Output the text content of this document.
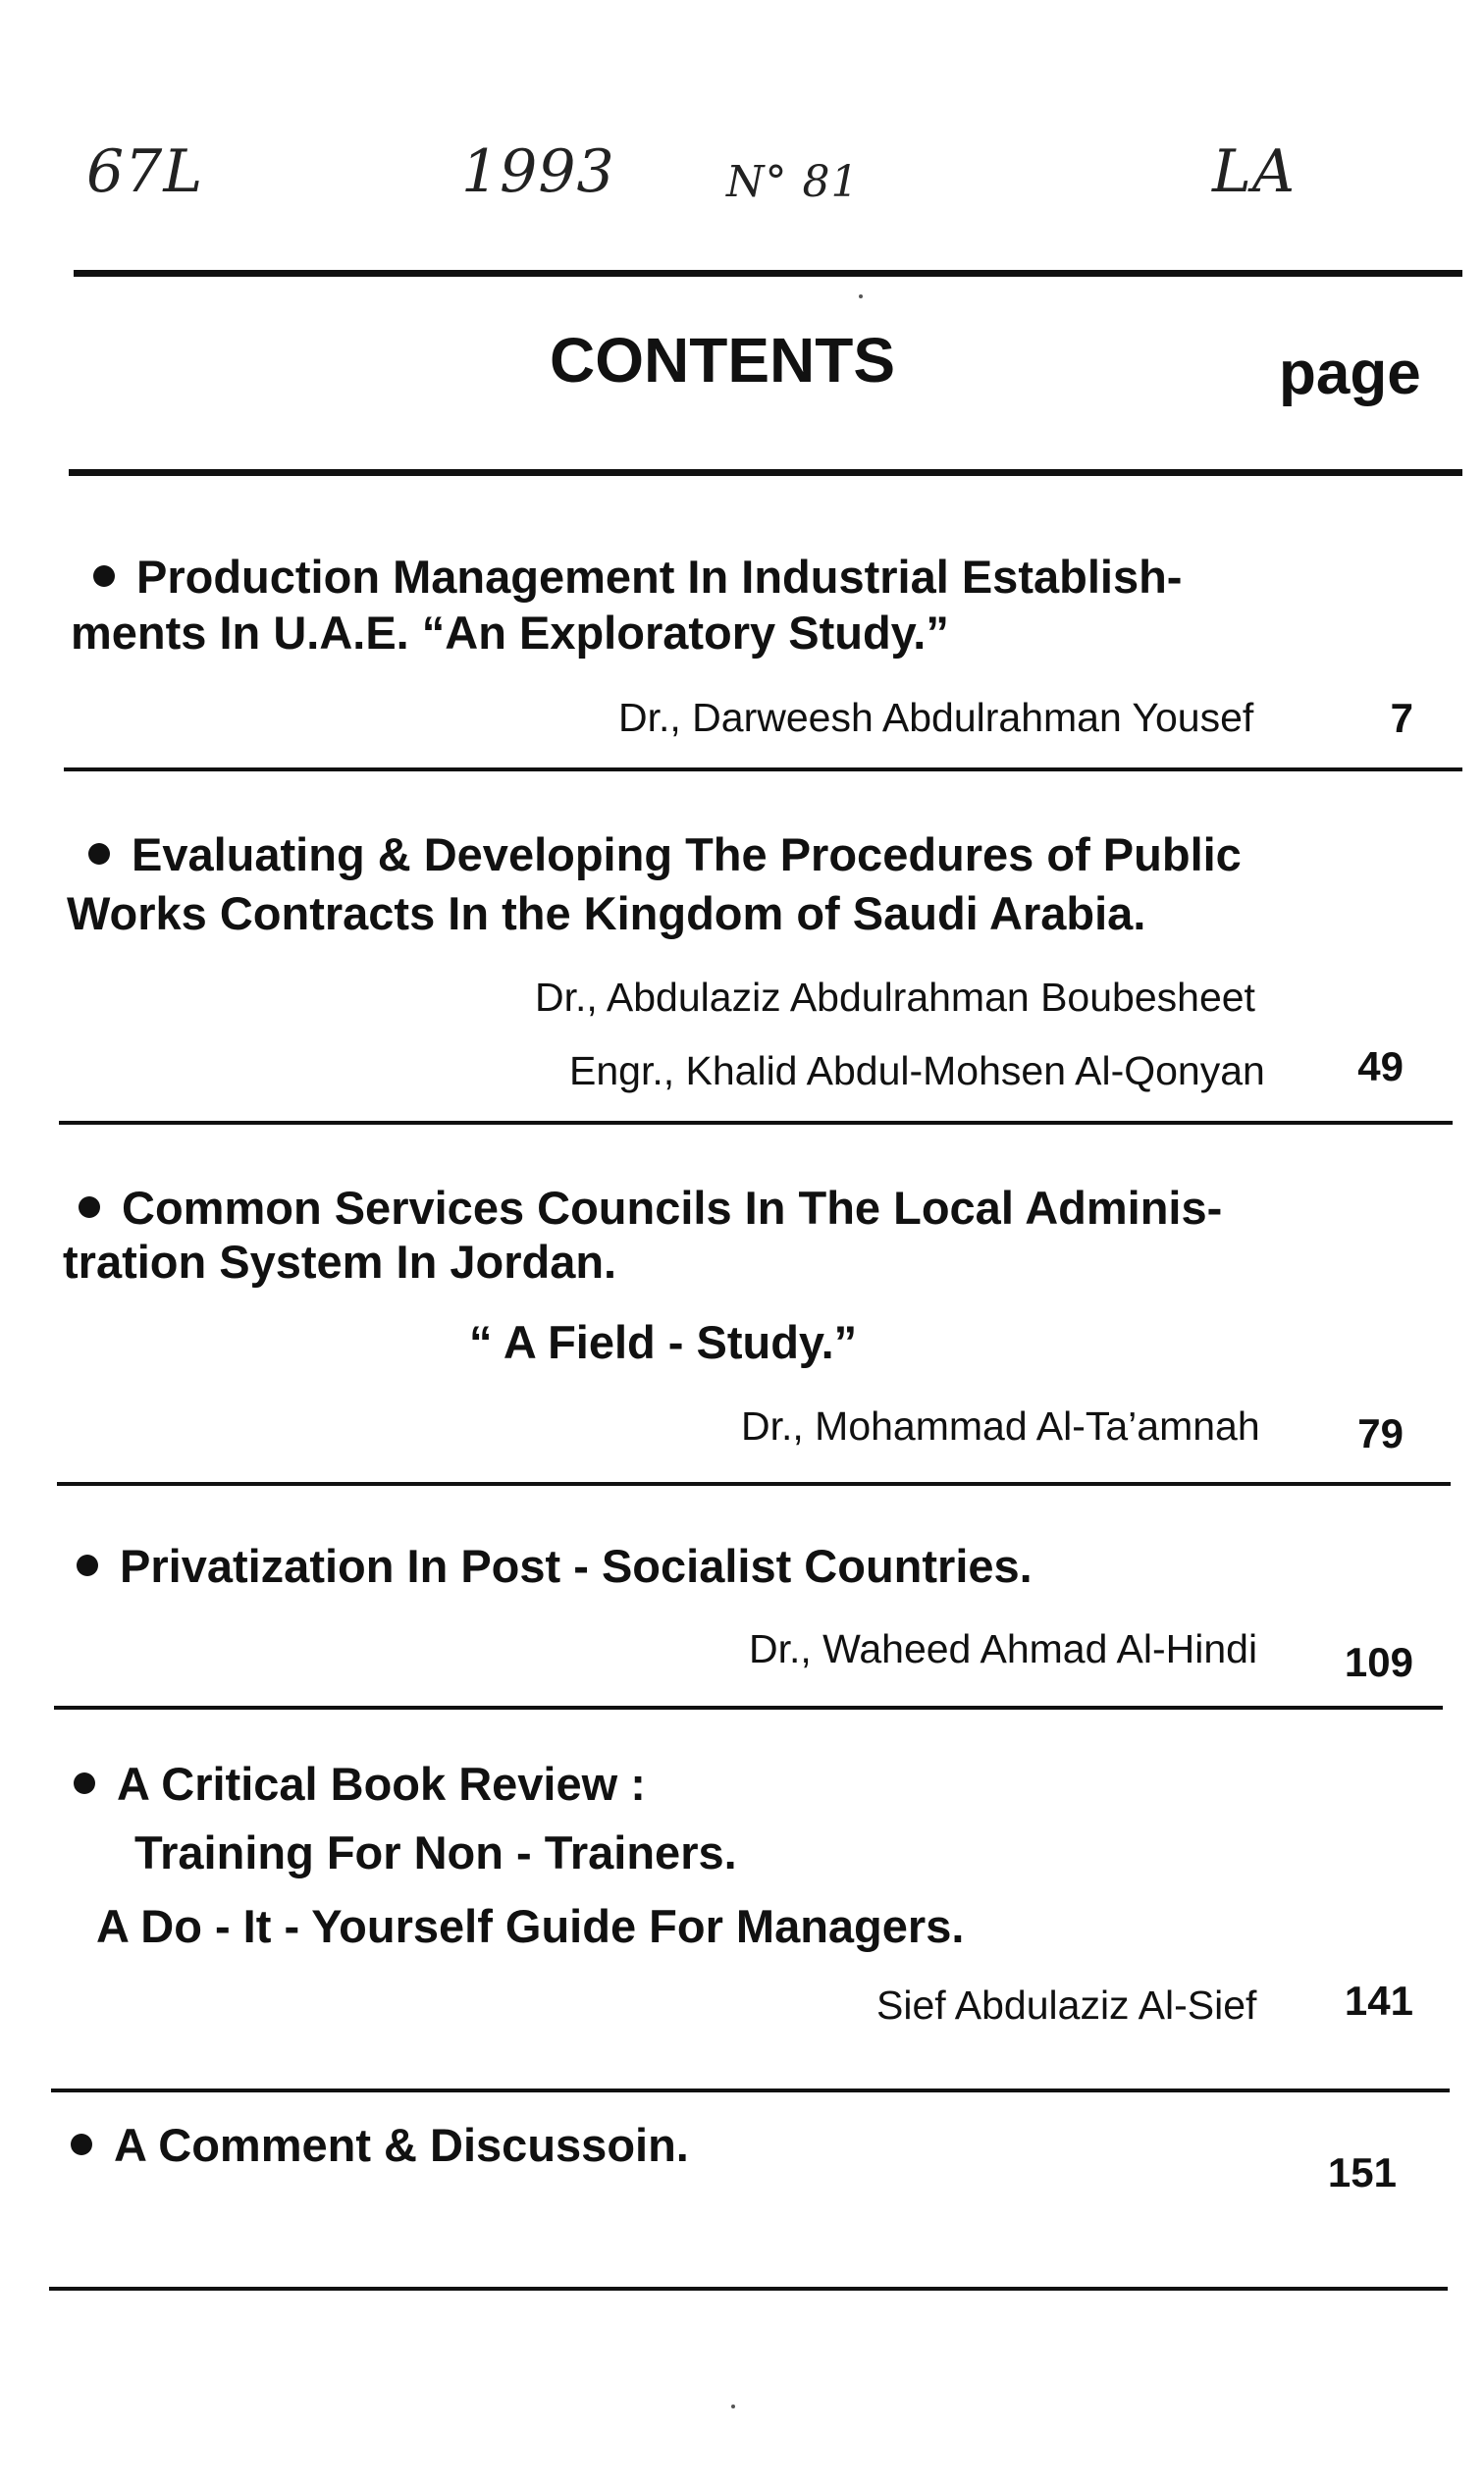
67L	1993	N° 81	LA
CONTENTS	page
Production Management In Industrial Establish-
ments In U.A.E. “An Exploratory Study.”
Dr., Darweesh Abdulrahman Yousef	7
Evaluating & Developing The Procedures of Public
Works Contracts In the Kingdom of Saudi Arabia.
Dr., Abdulaziz Abdulrahman Boubesheet
Engr., Khalid Abdul-Mohsen Al-Qonyan	49
Common Services Councils In The Local Adminis-
tration System In Jordan.
“ A Field - Study.”
Dr., Mohammad Al-Ta’amnah	79
Privatization In Post - Socialist Countries.
Dr., Waheed Ahmad Al-Hindi	109
A Critical Book Review :
Training For Non - Trainers.
A Do - It - Yourself Guide For Managers.
Sief Abdulaziz Al-Sief	141
A Comment & Discussoin.
151
